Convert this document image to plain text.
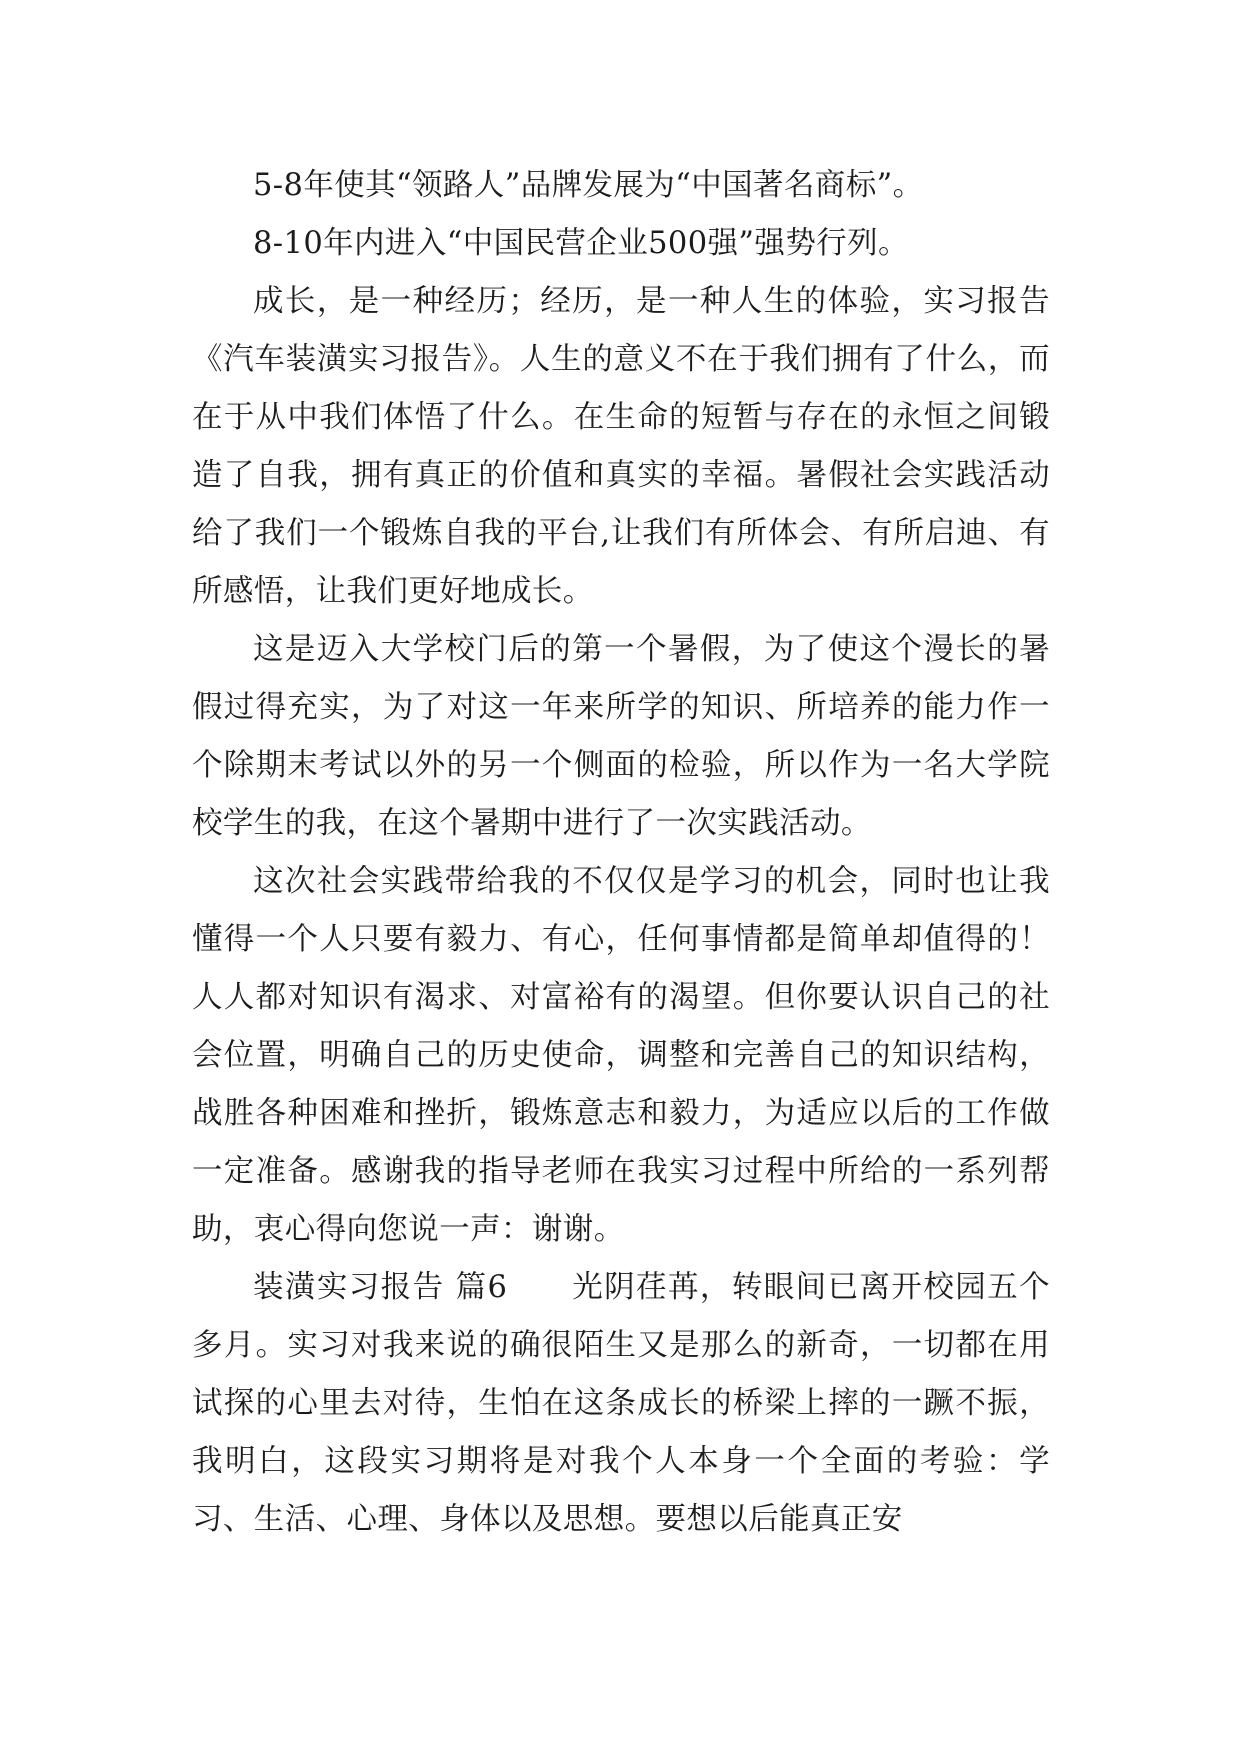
5-8年使其“领路人”品牌发展为“中国著名商标”。

8-10年内进入“中国民营企业500强”强势行列。

成长，是一种经历；经历，是一种人生的体验，实习报告《汽车装潢实习报告》。人生的意义不在于我们拥有了什么，而在于从中我们体悟了什么。在生命的短暂与存在的永恒之间锻造了自我，拥有真正的价值和真实的幸福。暑假社会实践活动给了我们一个锻炼自我的平台,让我们有所体会、有所启迪、有所感悟，让我们更好地成长。

这是迈入大学校门后的第一个暑假，为了使这个漫长的暑假过得充实，为了对这一年来所学的知识、所培养的能力作一个除期末考试以外的另一个侧面的检验，所以作为一名大学院校学生的我，在这个暑期中进行了一次实践活动。

这次社会实践带给我的不仅仅是学习的机会，同时也让我懂得一个人只要有毅力、有心，任何事情都是简单却值得的！人人都对知识有渴求、对富裕有的渴望。但你要认识自己的社会位置，明确自己的历史使命，调整和完善自己的知识结构，战胜各种困难和挫折，锻炼意志和毅力，为适应以后的工作做一定准备。感谢我的指导老师在我实习过程中所给的一系列帮助，衷心得向您说一声：谢谢。

装潢实习报告 篇6　　光阴荏苒，转眼间已离开校园五个多月。实习对我来说的确很陌生又是那么的新奇，一切都在用试探的心里去对待，生怕在这条成长的桥梁上摔的一蹶不振，我明白，这段实习期将是对我个人本身一个全面的考验：学习、生活、心理、身体以及思想。要想以后能真正安
